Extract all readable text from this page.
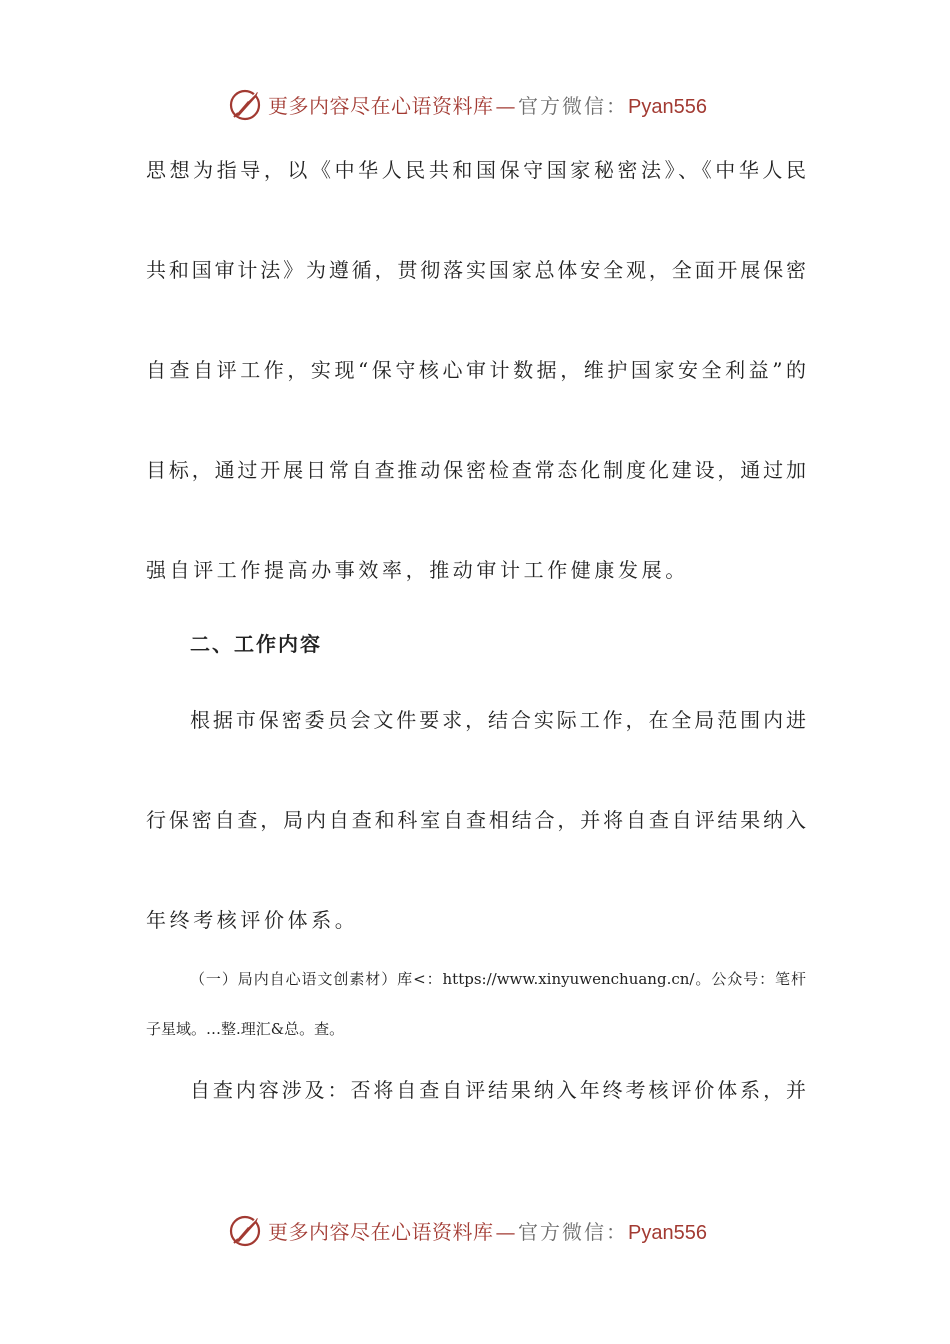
更多内容尽在心语资料库 — 官方微信：Pyan556
思想为指导，以《中华人民共和国保守国家秘密法》、《中华人民
共和国审计法》为遵循，贯彻落实国家总体安全观，全面开展保密
自查自评工作，实现“保守核心审计数据，维护国家安全利益”的
目标，通过开展日常自查推动保密检查常态化制度化建设，通过加
强自评工作提高办事效率，推动审计工作健康发展。
二、工作内容
根据市保密委员会文件要求，结合实际工作，在全局范围内进
行保密自查，局内自查和科室自查相结合，并将自查自评结果纳入
年终考核评价体系。
（一）局内自心语文创素材）库<：https://www.xinyuwenchuang.cn/。公众号：笔杆
子星域。…整.理汇&总。查。
自查内容涉及：否将自查自评结果纳入年终考核评价体系，并
更多内容尽在心语资料库 — 官方微信：Pyan556
